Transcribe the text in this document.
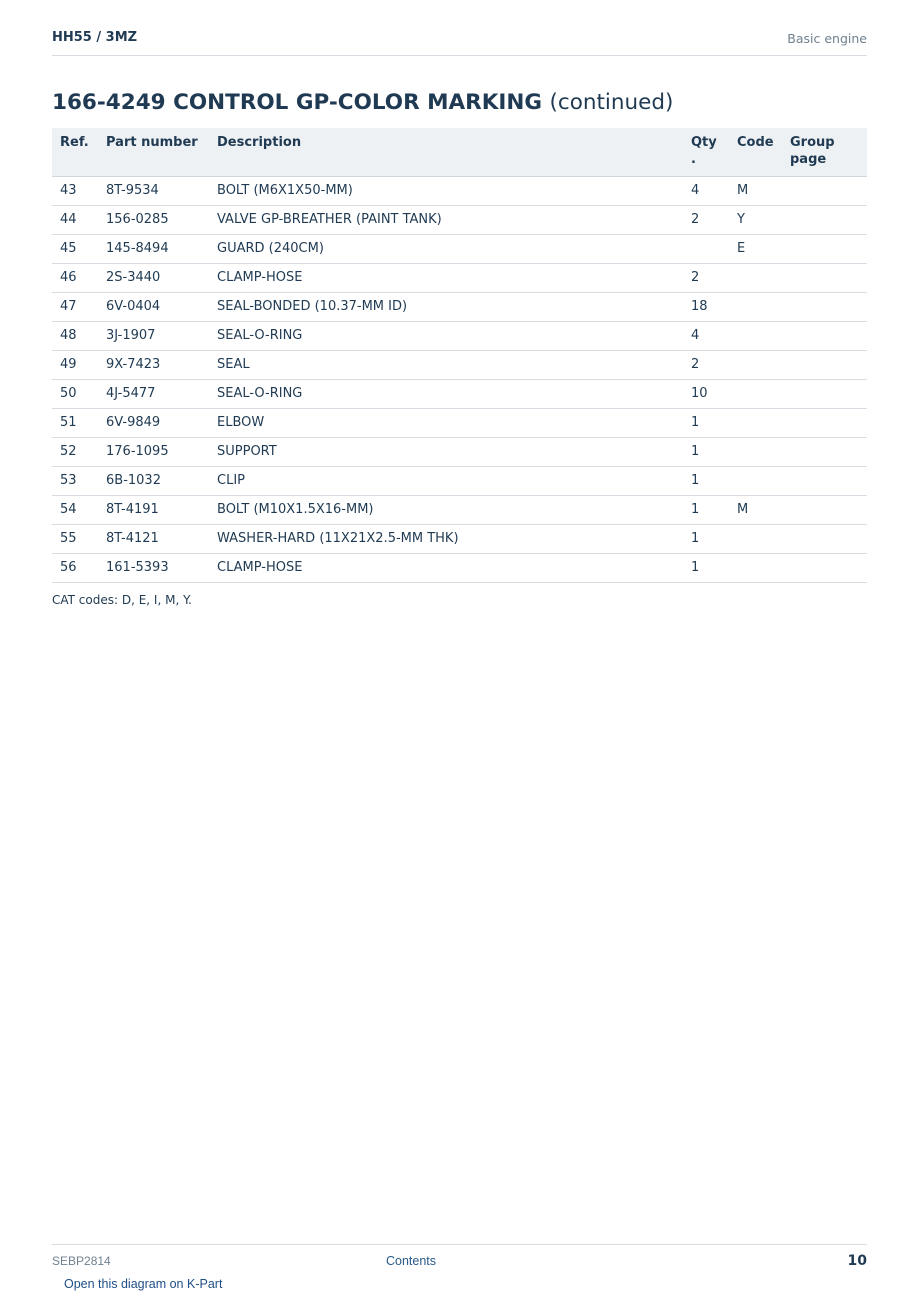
HH55 / 3MZ	Basic engine
166-4249 CONTROL GP-COLOR MARKING (continued)
Ref.	Part number	Description	Qty .	Code	Group page
43	8T-9534	BOLT (M6X1X50-MM)	4	M	
44	156-0285	VALVE GP-BREATHER (PAINT TANK)	2	Y	
45	145-8494	GUARD (240CM)		E	
46	2S-3440	CLAMP-HOSE	2		
47	6V-0404	SEAL-BONDED (10.37-MM ID)	18		
48	3J-1907	SEAL-O-RING	4		
49	9X-7423	SEAL	2		
50	4J-5477	SEAL-O-RING	10		
51	6V-9849	ELBOW	1		
52	176-1095	SUPPORT	1		
53	6B-1032	CLIP	1		
54	8T-4191	BOLT (M10X1.5X16-MM)	1	M	
55	8T-4121	WASHER-HARD (11X21X2.5-MM THK)	1		
56	161-5393	CLAMP-HOSE	1		
CAT codes: D, E, I, M, Y.
SEBP2814	Contents	10
Open this diagram on K-Part
